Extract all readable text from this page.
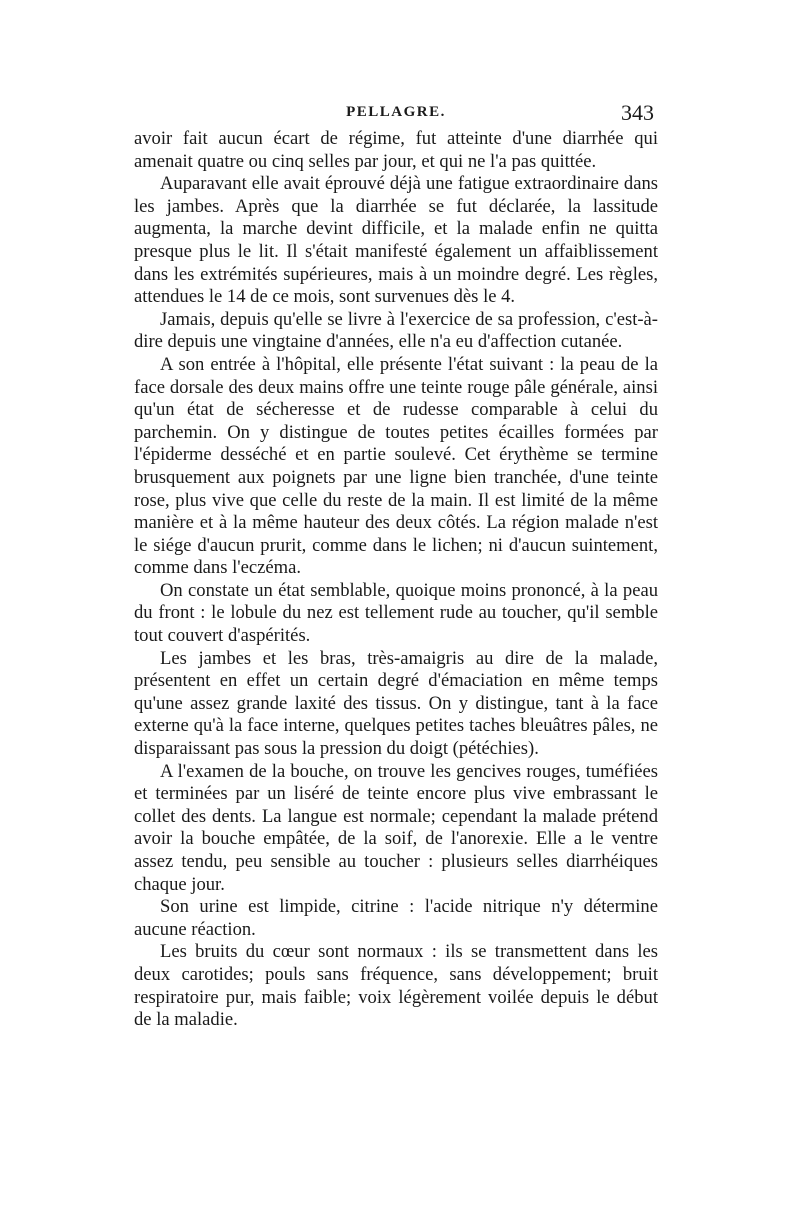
PELLAGRE.	343

avoir fait aucun écart de régime, fut atteinte d'une diarrhée qui amenait quatre ou cinq selles par jour, et qui ne l'a pas quittée.

Auparavant elle avait éprouvé déjà une fatigue extraordinaire dans les jambes. Après que la diarrhée se fut déclarée, la lassitude augmenta, la marche devint difficile, et la malade enfin ne quitta presque plus le lit. Il s'était manifesté également un affaiblissement dans les extrémités supérieures, mais à un moindre degré. Les règles, attendues le 14 de ce mois, sont survenues dès le 4.

Jamais, depuis qu'elle se livre à l'exercice de sa profession, c'est-à-dire depuis une vingtaine d'années, elle n'a eu d'affection cutanée.

A son entrée à l'hôpital, elle présente l'état suivant : la peau de la face dorsale des deux mains offre une teinte rouge pâle générale, ainsi qu'un état de sécheresse et de rudesse comparable à celui du parchemin. On y distingue de toutes petites écailles formées par l'épiderme desséché et en partie soulevé. Cet érythème se termine brusquement aux poignets par une ligne bien tranchée, d'une teinte rose, plus vive que celle du reste de la main. Il est limité de la même manière et à la même hauteur des deux côtés. La région malade n'est le siége d'aucun prurit, comme dans le lichen; ni d'aucun suintement, comme dans l'eczéma.

On constate un état semblable, quoique moins prononcé, à la peau du front : le lobule du nez est tellement rude au toucher, qu'il semble tout couvert d'aspérités.

Les jambes et les bras, très-amaigris au dire de la malade, présentent en effet un certain degré d'émaciation en même temps qu'une assez grande laxité des tissus. On y distingue, tant à la face externe qu'à la face interne, quelques petites taches bleuâtres pâles, ne disparaissant pas sous la pression du doigt (pétéchies).

A l'examen de la bouche, on trouve les gencives rouges, tuméfiées et terminées par un liséré de teinte encore plus vive embrassant le collet des dents. La langue est normale; cependant la malade prétend avoir la bouche empâtée, de la soif, de l'anorexie. Elle a le ventre assez tendu, peu sensible au toucher : plusieurs selles diarrhéiques chaque jour.

Son urine est limpide, citrine : l'acide nitrique n'y détermine aucune réaction.

Les bruits du cœur sont normaux : ils se transmettent dans les deux carotides; pouls sans fréquence, sans développement; bruit respiratoire pur, mais faible; voix légèrement voilée depuis le début de la maladie.
